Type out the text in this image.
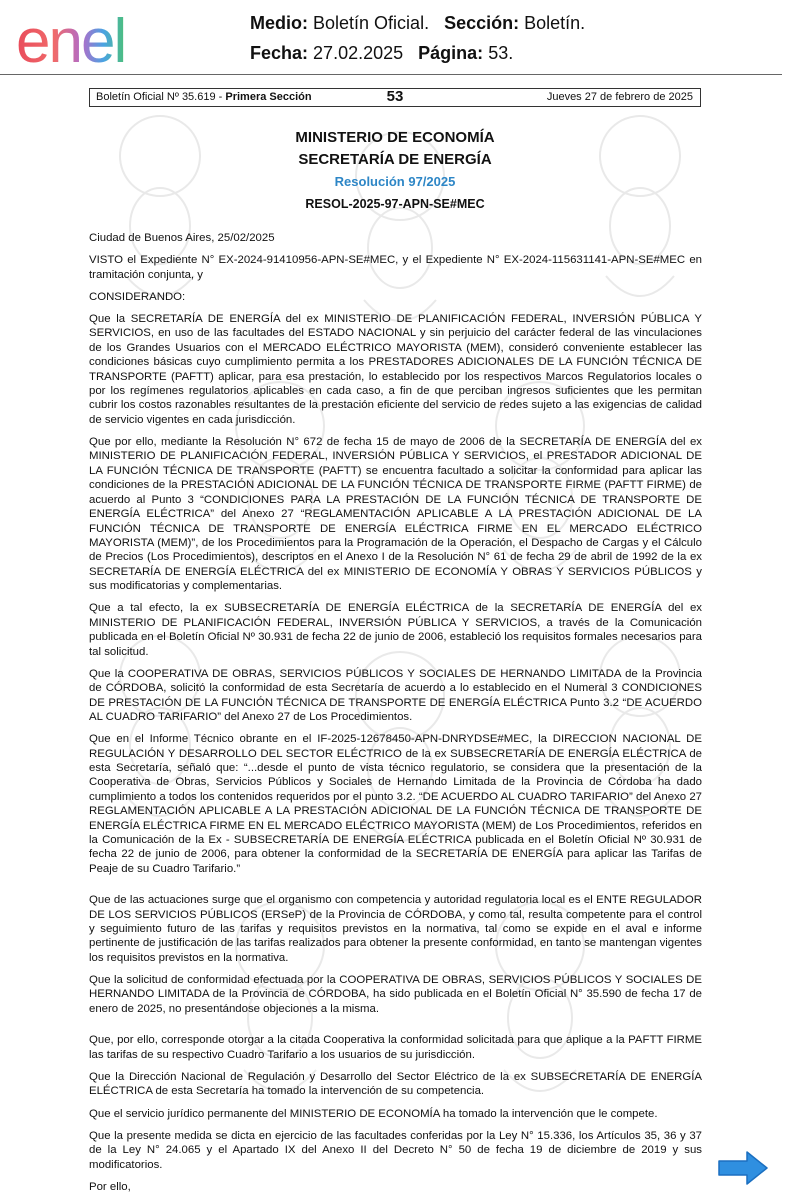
enel	Medio: Boletín Oficial. Sección: Boletín.
Fecha: 27.02.2025 Página: 53.
Boletín Oficial Nº 35.619 - Primera Sección	53	Jueves 27 de febrero de 2025
MINISTERIO DE ECONOMÍA
SECRETARÍA DE ENERGÍA
Resolución 97/2025
RESOL-2025-97-APN-SE#MEC

Ciudad de Buenos Aires, 25/02/2025

VISTO el Expediente N° EX-2024-91410956-APN-SE#MEC, y el Expediente N° EX-2024-115631141-APN-SE#MEC en tramitación conjunta, y

CONSIDERANDO:

Que la SECRETARÍA DE ENERGÍA del ex MINISTERIO DE PLANIFICACIÓN FEDERAL, INVERSIÓN PÚBLICA Y SERVICIOS, en uso de las facultades del ESTADO NACIONAL y sin perjuicio del carácter federal de las vinculaciones de los Grandes Usuarios con el MERCADO ELÉCTRICO MAYORISTA (MEM), consideró conveniente establecer las condiciones básicas cuyo cumplimiento permita a los PRESTADORES ADICIONALES DE LA FUNCIÓN TÉCNICA DE TRANSPORTE (PAFTT) aplicar, para esa prestación, lo establecido por los respectivos Marcos Regulatorios locales o por los regímenes regulatorios aplicables en cada caso, a fin de que perciban ingresos suficientes que les permitan cubrir los costos razonables resultantes de la prestación eficiente del servicio de redes sujeto a las exigencias de calidad de servicio vigentes en cada jurisdicción.

Que por ello, mediante la Resolución N° 672 de fecha 15 de mayo de 2006 de la SECRETARÍA DE ENERGÍA del ex MINISTERIO DE PLANIFICACIÓN FEDERAL, INVERSIÓN PÚBLICA Y SERVICIOS, el PRESTADOR ADICIONAL DE LA FUNCIÓN TÉCNICA DE TRANSPORTE (PAFTT) se encuentra facultado a solicitar la conformidad para aplicar las condiciones de la PRESTACIÓN ADICIONAL DE LA FUNCIÓN TÉCNICA DE TRANSPORTE FIRME (PAFTT FIRME) de acuerdo al Punto 3 “CONDICIONES PARA LA PRESTACIÓN DE LA FUNCIÓN TÉCNICA DE TRANSPORTE DE ENERGÍA ELÉCTRICA” del Anexo 27 “REGLAMENTACIÓN APLICABLE A LA PRESTACIÓN ADICIONAL DE LA FUNCIÓN TÉCNICA DE TRANSPORTE DE ENERGÍA ELÉCTRICA FIRME EN EL MERCADO ELÉCTRICO MAYORISTA (MEM)”, de los Procedimientos para la Programación de la Operación, el Despacho de Cargas y el Cálculo de Precios (Los Procedimientos), descriptos en el Anexo I de la Resolución N° 61 de fecha 29 de abril de 1992 de la ex SECRETARÍA DE ENERGÍA ELÉCTRICA del ex MINISTERIO DE ECONOMÍA Y OBRAS Y SERVICIOS PÚBLICOS y sus modificatorias y complementarias.

Que a tal efecto, la ex SUBSECRETARÍA DE ENERGÍA ELÉCTRICA de la SECRETARÍA DE ENERGÍA del ex MINISTERIO DE PLANIFICACIÓN FEDERAL, INVERSIÓN PÚBLICA Y SERVICIOS, a través de la Comunicación publicada en el Boletín Oficial Nº 30.931 de fecha 22 de junio de 2006, estableció los requisitos formales necesarios para tal solicitud.

Que la COOPERATIVA DE OBRAS, SERVICIOS PÚBLICOS Y SOCIALES DE HERNANDO LIMITADA de la Provincia de CÓRDOBA, solicitó la conformidad de esta Secretaría de acuerdo a lo establecido en el Numeral 3 CONDICIONES DE PRESTACIÓN DE LA FUNCIÓN TÉCNICA DE TRANSPORTE DE ENERGÍA ELÉCTRICA Punto 3.2 “DE ACUERDO AL CUADRO TARIFARIO” del Anexo 27 de Los Procedimientos.

Que en el Informe Técnico obrante en el IF-2025-12678450-APN-DNRYDSE#MEC, la DIRECCION NACIONAL DE REGULACIÓN Y DESARROLLO DEL SECTOR ELÉCTRICO de la ex SUBSECRETARÍA DE ENERGÍA ELÉCTRICA de esta Secretaría, señaló que: “...desde el punto de vista técnico regulatorio, se considera que la presentación de la Cooperativa de Obras, Servicios Públicos y Sociales de Hernando Limitada de la Provincia de Córdoba ha dado cumplimiento a todos los contenidos requeridos por el punto 3.2. “DE ACUERDO AL CUADRO TARIFARIO” del Anexo 27 REGLAMENTACIÓN APLICABLE A LA PRESTACIÓN ADICIONAL DE LA FUNCIÓN TÉCNICA DE TRANSPORTE DE ENERGÍA ELÉCTRICA FIRME EN EL MERCADO ELÉCTRICO MAYORISTA (MEM) de Los Procedimientos, referidos en la Comunicación de la Ex - SUBSECRETARÍA DE ENERGÍA ELÉCTRICA publicada en el Boletín Oficial Nº 30.931 de fecha 22 de junio de 2006, para obtener la conformidad de la SECRETARÍA DE ENERGÍA para aplicar las Tarifas de Peaje de su Cuadro Tarifario.”

Que de las actuaciones surge que el organismo con competencia y autoridad regulatoria local es el ENTE REGULADOR DE LOS SERVICIOS PÚBLICOS (ERSeP) de la Provincia de CÓRDOBA, y como tal, resulta competente para el control y seguimiento futuro de las tarifas y requisitos previstos en la normativa, tal como se expide en el aval e informe pertinente de justificación de las tarifas realizados para obtener la presente conformidad, en tanto se mantengan vigentes los requisitos previstos en la normativa.

Que la solicitud de conformidad efectuada por la COOPERATIVA DE OBRAS, SERVICIOS PÚBLICOS Y SOCIALES DE HERNANDO LIMITADA de la Provincia de CÓRDOBA, ha sido publicada en el Boletín Oficial N° 35.590 de fecha 17 de enero de 2025, no presentándose objeciones a la misma.

Que, por ello, corresponde otorgar a la citada Cooperativa la conformidad solicitada para que aplique a la PAFTT FIRME las tarifas de su respectivo Cuadro Tarifario a los usuarios de su jurisdicción.

Que la Dirección Nacional de Regulación y Desarrollo del Sector Eléctrico de la ex SUBSECRETARÍA DE ENERGÍA ELÉCTRICA de esta Secretaría ha tomado la intervención de su competencia.

Que el servicio jurídico permanente del MINISTERIO DE ECONOMÍA ha tomado la intervención que le compete.

Que la presente medida se dicta en ejercicio de las facultades conferidas por la Ley N° 15.336, los Artículos 35, 36 y 37 de la Ley N° 24.065 y el Apartado IX del Anexo II del Decreto N° 50 de fecha 19 de diciembre de 2019 y sus modificatorios.

Por ello,
